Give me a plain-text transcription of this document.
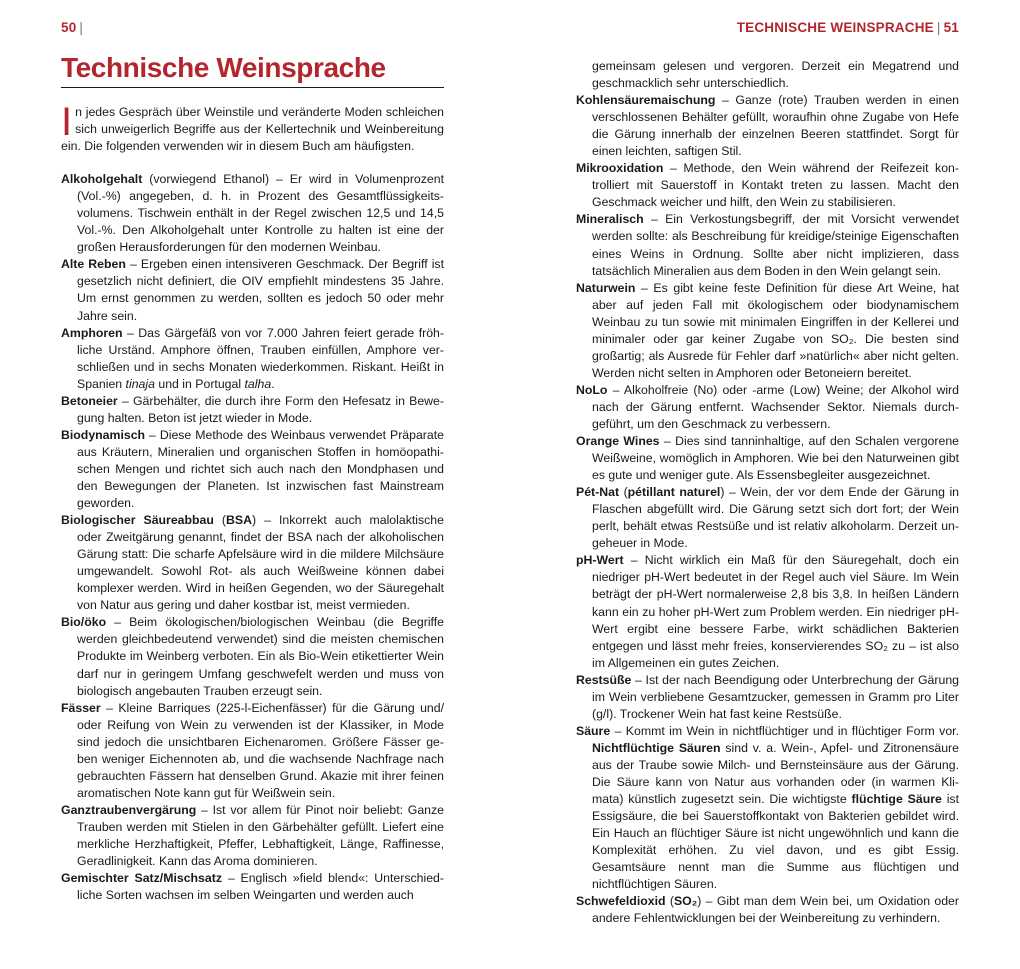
50 |
Technische Weinsprache

In jedes Gespräch über Weinstile und veränderte Moden schleichen sich unweigerlich Begriffe aus der Kellertechnik und Weinbereitung ein. Die folgenden verwenden wir in diesem Buch am häufigsten.

Alkoholgehalt (vorwiegend Ethanol) – Er wird in Volumenprozent (Vol.-%) angegeben, d. h. in Prozent des Gesamtflüssigkeitsvolumens. Tischwein enthält in der Regel zwischen 12,5 und 14,5 Vol.-%. Den Alkoholgehalt unter Kontrolle zu halten ist eine der großen Herausforderungen für den modernen Weinbau.

Alte Reben – Ergeben einen intensiveren Geschmack. Der Begriff ist gesetzlich nicht definiert, die OIV empfiehlt mindestens 35 Jahre. Um ernst genommen zu werden, sollten es jedoch 50 oder mehr Jahre sein.

Amphoren – Das Gärgefäß von vor 7.000 Jahren feiert gerade fröhliche Urständ. Amphore öffnen, Trauben einfüllen, Amphore verschließen und in sechs Monaten wiederkommen. Riskant. Heißt in Spanien tinaja und in Portugal talha.

Betoneier – Gärbehälter, die durch ihre Form den Hefesatz in Bewegung halten. Beton ist jetzt wieder in Mode.

Biodynamisch – Diese Methode des Weinbaus verwendet Präparate aus Kräutern, Mineralien und organischen Stoffen in homöopathischen Mengen und richtet sich auch nach den Mondphasen und den Bewegungen der Planeten. Ist inzwischen fast Mainstream geworden.

Biologischer Säureabbau (BSA) – Inkorrekt auch malolaktische oder Zweitgärung genannt, findet der BSA nach der alkoholischen Gärung statt: Die scharfe Apfelsäure wird in die mildere Milchsäure umgewandelt. Sowohl Rot- als auch Weißweine können dabei komplexer werden. Wird in heißen Gegenden, wo der Säuregehalt von Natur aus gering und daher kostbar ist, meist vermieden.

Bio/öko – Beim ökologischen/biologischen Weinbau (die Begriffe werden gleichbedeutend verwendet) sind die meisten chemischen Produkte im Weinberg verboten. Ein als Bio-Wein etikettierter Wein darf nur in geringem Umfang geschwefelt werden und muss von biologisch angebauten Trauben erzeugt sein.

Fässer – Kleine Barriques (225-l-Eichenfässer) für die Gärung und/ oder Reifung von Wein zu verwenden ist der Klassiker, in Mode sind jedoch die unsichtbaren Eichenaromen. Größere Fässer geben weniger Eichennoten ab, und die wachsende Nachfrage nach gebrauchten Fässern hat denselben Grund. Akazie mit ihrer feinen aromatischen Note kann gut für Weißwein sein.

Ganztraubenvergärung – Ist vor allem für Pinot noir beliebt: Ganze Trauben werden mit Stielen in den Gärbehälter gefüllt. Liefert eine merkliche Herzhaftigkeit, Pfeffer, Lebhaftigkeit, Länge, Raffinesse, Geradlinigkeit. Kann das Aroma dominieren.

Gemischter Satz/Mischsatz – Englisch »field blend«: Unterschiedliche Sorten wachsen im selben Weingarten und werden auch

TECHNISCHE WEINSPRACHE | 51

gemeinsam gelesen und vergoren. Derzeit ein Megatrend und geschmacklich sehr unterschiedlich.

Kohlensäuremaischung – Ganze (rote) Trauben werden in einen verschlossenen Behälter gefüllt, woraufhin ohne Zugabe von Hefe die Gärung innerhalb der einzelnen Beeren stattfindet. Sorgt für einen leichten, saftigen Stil.

Mikrooxidation – Methode, den Wein während der Reifezeit kontrolliert mit Sauerstoff in Kontakt treten zu lassen. Macht den Geschmack weicher und hilft, den Wein zu stabilisieren.

Mineralisch – Ein Verkostungsbegriff, der mit Vorsicht verwendet werden sollte: als Beschreibung für kreidige/steinige Eigenschaften eines Weins in Ordnung. Sollte aber nicht implizieren, dass tatsächlich Mineralien aus dem Boden in den Wein gelangt sein.

Naturwein – Es gibt keine feste Definition für diese Art Weine, hat aber auf jeden Fall mit ökologischem oder biodynamischem Weinbau zu tun sowie mit minimalen Eingriffen in der Kellerei und minimaler oder gar keiner Zugabe von SO₂. Die besten sind großartig; als Ausrede für Fehler darf »natürlich« aber nicht gelten. Werden nicht selten in Amphoren oder Betoneiern bereitet.

NoLo – Alkoholfreie (No) oder -arme (Low) Weine; der Alkohol wird nach der Gärung entfernt. Wachsender Sektor. Niemals durchgeführt, um den Geschmack zu verbessern.

Orange Wines – Dies sind tanninhaltige, auf den Schalen vergorene Weißweine, womöglich in Amphoren. Wie bei den Naturweinen gibt es gute und weniger gute. Als Essensbegleiter ausgezeichnet.

Pét-Nat (pétillant naturel) – Wein, der vor dem Ende der Gärung in Flaschen abgefüllt wird. Die Gärung setzt sich dort fort; der Wein perlt, behält etwas Restsüße und ist relativ alkoholarm. Derzeit ungeheuer in Mode.

pH-Wert – Nicht wirklich ein Maß für den Säuregehalt, doch ein niedriger pH-Wert bedeutet in der Regel auch viel Säure. Im Wein beträgt der pH-Wert normalerweise 2,8 bis 3,8. In heißen Ländern kann ein zu hoher pH-Wert zum Problem werden. Ein niedriger pH-Wert ergibt eine bessere Farbe, wirkt schädlichen Bakterien entgegen und lässt mehr freies, konservierendes SO₂ zu – ist also im Allgemeinen ein gutes Zeichen.

Restsüße – Ist der nach Beendigung oder Unterbrechung der Gärung im Wein verbliebene Gesamtzucker, gemessen in Gramm pro Liter (g/l). Trockener Wein hat fast keine Restsüße.

Säure – Kommt im Wein in nichtflüchtiger und in flüchtiger Form vor. Nichtflüchtige Säuren sind v. a. Wein-, Apfel- und Zitronensäure aus der Traube sowie Milch- und Bernsteinsäure aus der Gärung. Die Säure kann von Natur aus vorhanden oder (in warmen Klimata) künstlich zugesetzt sein. Die wichtigste flüchtige Säure ist Essigsäure, die bei Sauerstoffkontakt von Bakterien gebildet wird. Ein Hauch an flüchtiger Säure ist nicht ungewöhnlich und kann die Komplexität erhöhen. Zu viel davon, und es gibt Essig. Gesamtsäure nennt man die Summe aus flüchtigen und nichtflüchtigen Säuren.

Schwefeldioxid (SO₂) – Gibt man dem Wein bei, um Oxidation oder andere Fehlentwicklungen bei der Weinbereitung zu verhindern.
